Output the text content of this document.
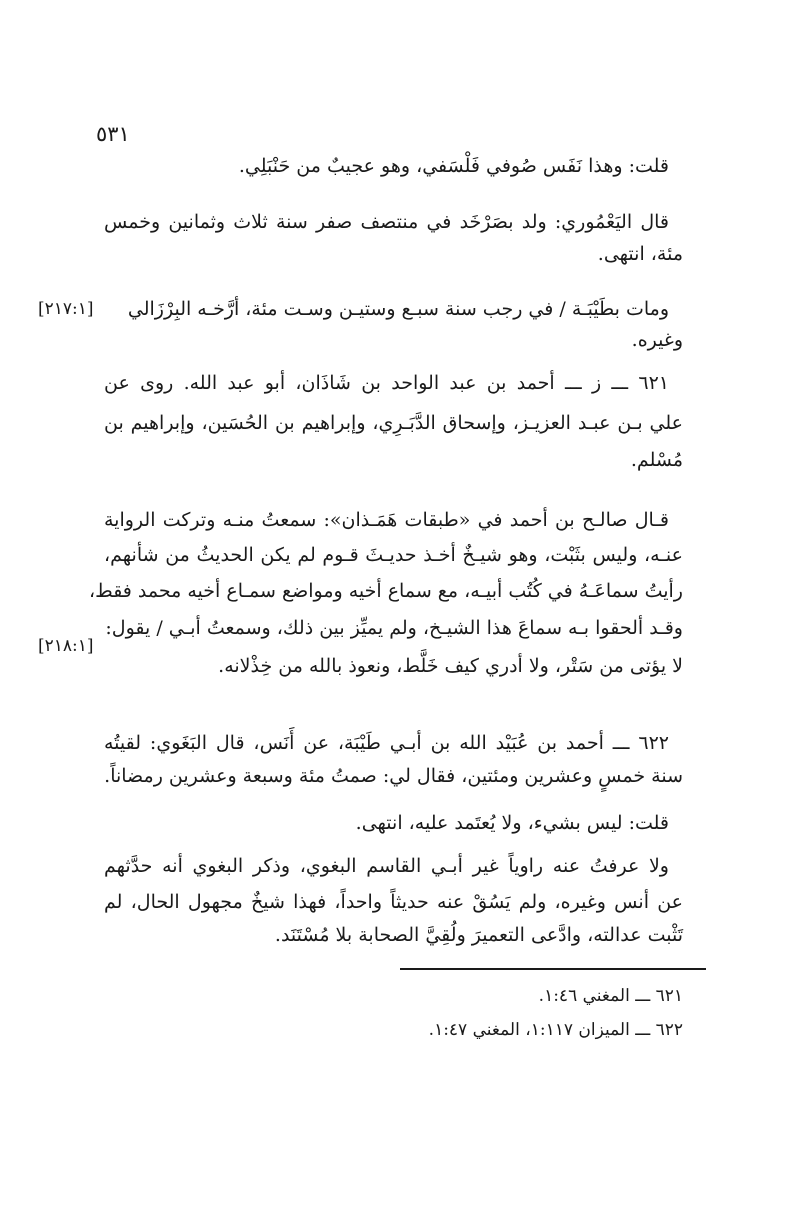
٥٣١
قلت: وهذا نَفَس صُوفي فَلْسَفي، وهو عجيبٌ من حَنْبَلِي.
قال اليَعْمُوري: ولد بصَرْخَد في منتصف صفر سنة ثلاث وثمانين وخمس
مئة، انتهى.
ومات بطَيْبَـة / في رجب سنة سبـع وستيـن وسـت مئة، أرَّخـه البِرْزَالي
[٢١٧:١]
وغيره.
٦٢١ ـــ ز ـــ أحمد بن عبد الواحد بن شَاذَان، أبو عبد الله. روى عن
علي بـن عبـد العزيـز، وإسحاق الدَّبَـرِي، وإبراهيم بن الحُسَين، وإبراهيم بن
مُسْلم.
قـال صالـح بن أحمد في «طبقات هَمَـذان»: سمعتُ منـه وتركت الرواية
عنـه، وليس بثَبْت، وهو شيـخٌ أخـذ حديـثَ قـوم لم يكن الحديثُ من شأنهم،
رأيتُ سماعَـهُ في كُتُب أبيـه، مع سماع أخيه ومواضع سمـاع أخيه محمد فقط،
وقـد ألحقوا بـه سماعَ هذا الشيـخ، ولم يميِّز بين ذلك، وسمعتُ أبـي / يقول:
[٢١٨:١]
لا يؤتى من سَتْر، ولا أدري كيف خَلَّط، ونعوذ بالله من خِذْلانه.
٦٢٢ ـــ أحمد بن عُبَيْد الله بن أبـي طَيْبَة، عن أَنَس، قال البَغَوي: لقيتُه
سنة خمسٍ وعشرين ومئتين، فقال لي: صمتُ مئة وسبعة وعشرين رمضاناً.
قلت: ليس بشيء، ولا يُعتَمد عليه، انتهى.
ولا عرفتُ عنه راوياً غير أبـي القاسم البغوي، وذكر البغوي أنه حدَّثهم
عن أنس وغيره، ولم يَسُقْ عنه حديثاً واحداً، فهذا شيخٌ مجهول الحال، لم
تَثْبت عدالته، وادَّعى التعميرَ ولُقِيَّ الصحابة بلا مُسْتَنَد.
٦٢١ ـــ المغني ١:٤٦.
٦٢٢ ـــ الميزان ١:١١٧، المغني ١:٤٧.
